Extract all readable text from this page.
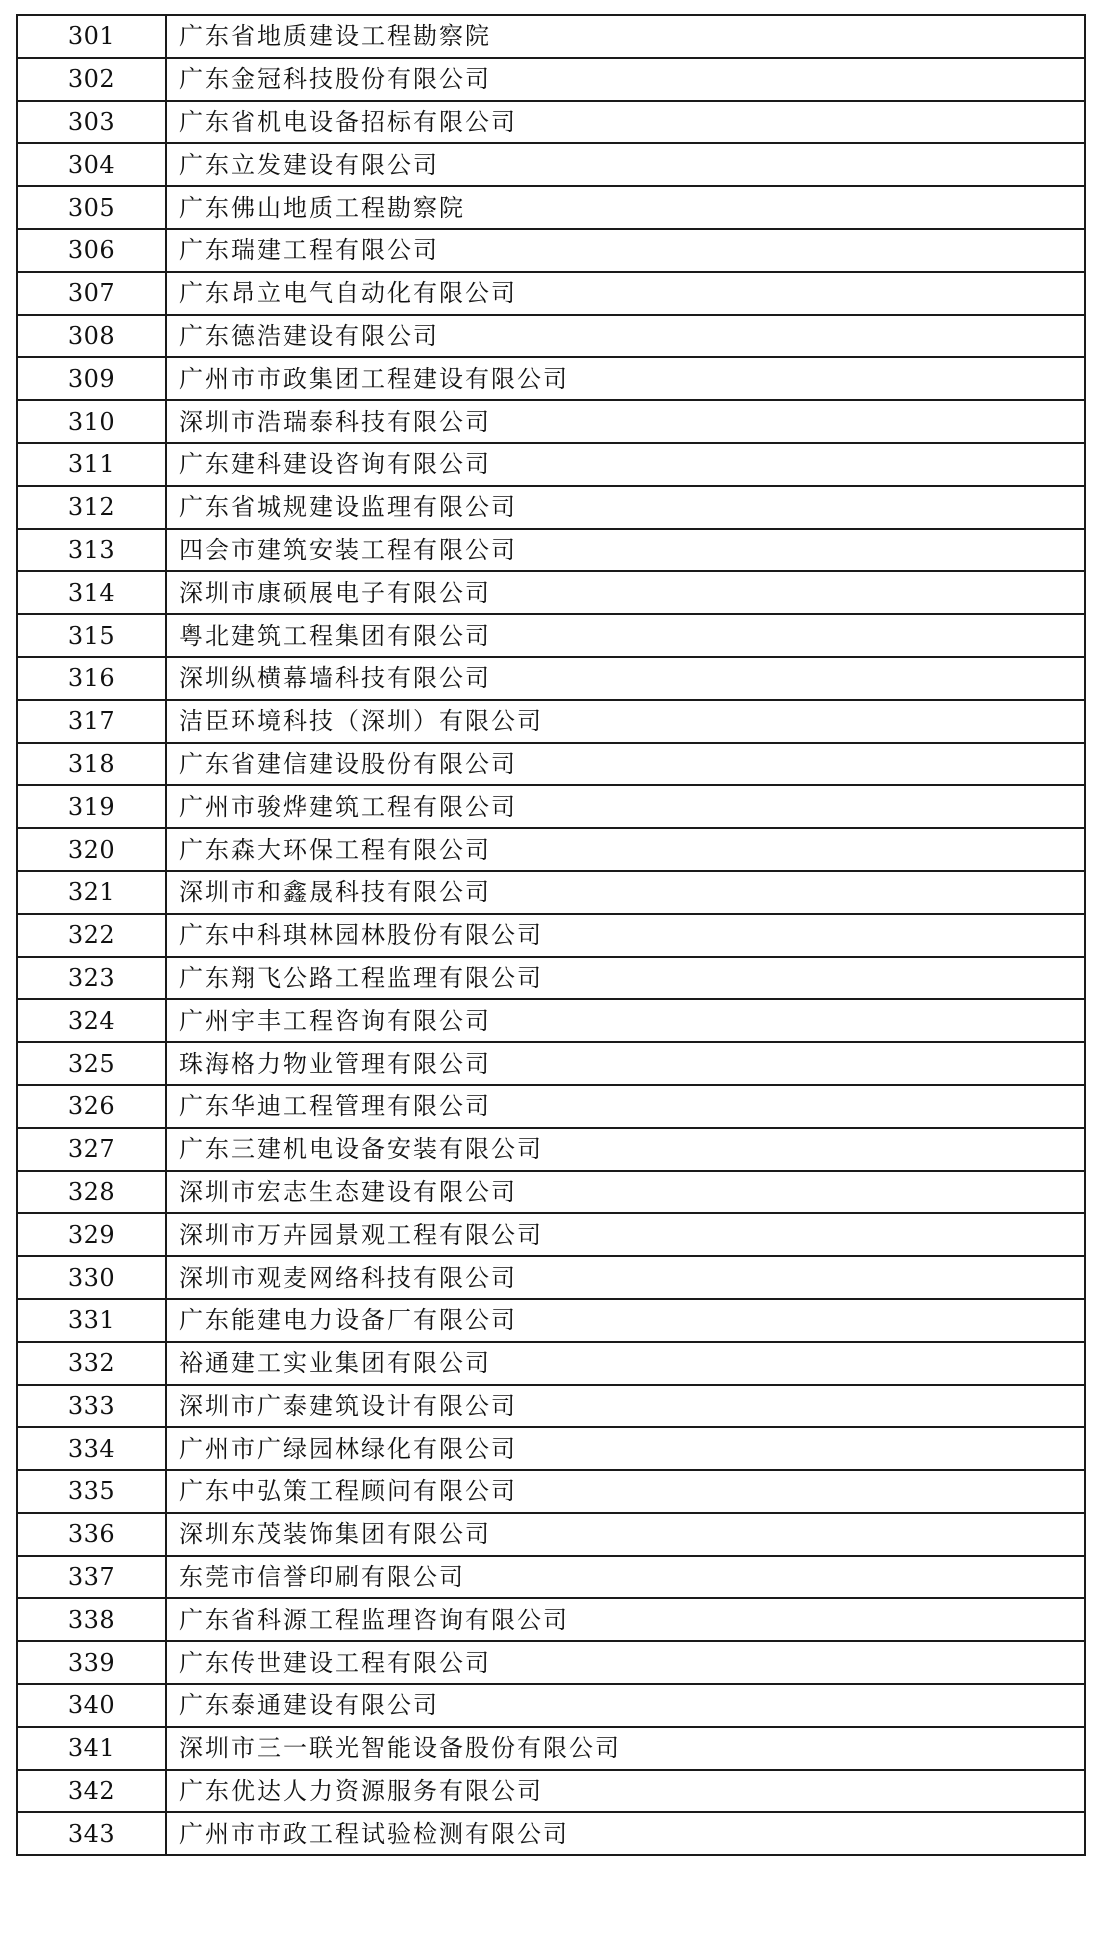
301	广东省地质建设工程勘察院
302	广东金冠科技股份有限公司
303	广东省机电设备招标有限公司
304	广东立发建设有限公司
305	广东佛山地质工程勘察院
306	广东瑞建工程有限公司
307	广东昂立电气自动化有限公司
308	广东德浩建设有限公司
309	广州市市政集团工程建设有限公司
310	深圳市浩瑞泰科技有限公司
311	广东建科建设咨询有限公司
312	广东省城规建设监理有限公司
313	四会市建筑安装工程有限公司
314	深圳市康硕展电子有限公司
315	粤北建筑工程集团有限公司
316	深圳纵横幕墙科技有限公司
317	洁臣环境科技（深圳）有限公司
318	广东省建信建设股份有限公司
319	广州市骏烨建筑工程有限公司
320	广东森大环保工程有限公司
321	深圳市和鑫晟科技有限公司
322	广东中科琪林园林股份有限公司
323	广东翔飞公路工程监理有限公司
324	广州宇丰工程咨询有限公司
325	珠海格力物业管理有限公司
326	广东华迪工程管理有限公司
327	广东三建机电设备安装有限公司
328	深圳市宏志生态建设有限公司
329	深圳市万卉园景观工程有限公司
330	深圳市观麦网络科技有限公司
331	广东能建电力设备厂有限公司
332	裕通建工实业集团有限公司
333	深圳市广泰建筑设计有限公司
334	广州市广绿园林绿化有限公司
335	广东中弘策工程顾问有限公司
336	深圳东茂装饰集团有限公司
337	东莞市信誉印刷有限公司
338	广东省科源工程监理咨询有限公司
339	广东传世建设工程有限公司
340	广东泰通建设有限公司
341	深圳市三一联光智能设备股份有限公司
342	广东优达人力资源服务有限公司
343	广州市市政工程试验检测有限公司
